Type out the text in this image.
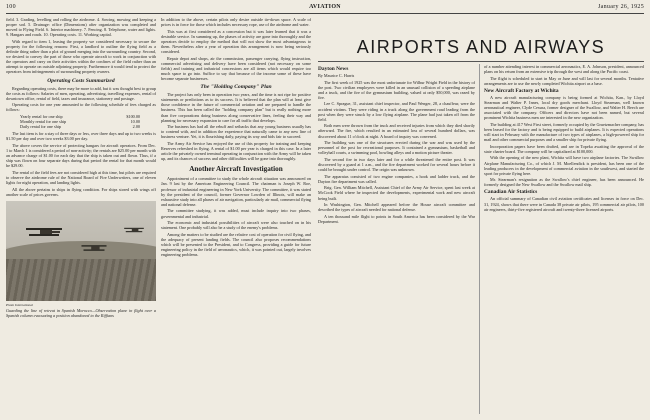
100	AVIATION	January 26, 1925

field. 3. Grading, levelling and rolling the airdrome. 4. Sowing, mowing and keeping a proper sod. 5. Drainage: office (Dimensions) after organization was completed and moved to Flying Field. 6. Interior machinery. 7. Fencing. 8. Telephone, water and lights. 9. Hangars and roads. 10. Operating costs. 11. Working capital.

With regard to item 1, leasing the property we considered necessary to secure the property for the following reasons: First, a landlord to outline the flying field as a definite thing rather than a plot of ground merging into the surrounding country. Second, we desired to convey the part of those who operate aircraft to work in conjunction with the operators and carry on their activities within the confines of the field rather than an attempt to operate on outside adjoining property. Furthermore it would tend to protect the operators from infringements of surrounding property owners.

Operating Costs Summarized

Regarding operating costs, there may be more to add, but it was thought best to group the costs as follows: Salaries of men, operating, advertising, travelling expenses, rental of downtown office, rental of field, taxes and insurance, stationery and postage.

Operating costs for one year amounted to the following schedule of fees charged as follows:

Yearly rental for one ship	$100.00
Monthly rental for one ship	10.00
Daily rental for one ship	2.00

The last item is for a stay of three days or less, over three days and up to two weeks is $1.50 per day and over two weeks $3.00 per day.

The above covers the service of protecting hangars for aircraft operators. From Dec. 1 to March 1 is considered a period of non-activity; the rentals are $25.00 per month with an advance charge of $1.00 for each day that the ship is taken out and flown. Thus, if a ship was flown on four separate days during that period the rental for that month would be $29.00.

The rental of the field fees are not considered high at this time, but pilots are required to observe the airdrome rule of the National Board of Fire Underwriters, one of eleven lights for night operation, and landing lights.

All the above pertains to ships in flying condition. For ships stored with wings off another scale of prices governs.

Photo International
Guarding the line of retreat in Spanish Morocco—Observation plane in flight over a Spanish column evacuating a position abandoned to the Riffians

In addition to the above, certain pilots only desire outside tie-down space. A scale of prices is in force for those which includes necessary rope, use of the airdrome and water.

This was at first considered as a concession but it was later learned that it was a desirable service. In summing up, the phases of activity are gone into thoroughly and the operators decide to employ the method that will not show the most advantageous to them. Nevertheless after a year of operation this arrangement is now being seriously considered.

Repair depot and shops, air the commission, passenger carrying, flying instruction, commercial advertising and delivery have been considered (not necessary on some fields) and training and industrial concessions are all items which would require too much space to go into. Suffice to say that because of the income some of these have become separate businesses.

The "Holding Company" Plan

The project has only been in operation two years, and the time is not ripe for positive statements or predictions as to its success. It is believed that the plan will at least give those confidence in the future of commercial aviation and are prepared to handle the business. This has been called the "holding company plan" but is really nothing more than five corporations doing business along conservative lines, feeling their way and planning for necessary expansion to care for all traffic that develops.

The business has had all the rebuff and setbacks that any young business usually has to contend with, and in addition the experience that naturally came to any new line of business venture. Yet, it is flourishing daily, paying its way and bids fair to succeed.

The Army Air Service has enjoyed the use of this property for training and keeping Reserves refreshed in flying. A rental of $1.00 per year is charged in this case. In a later article the privately owned terminal operating in conjunction with the Army will be taken up, and its chances of success and other difficulties will be gone into thoroughly.

Another Aircraft Investigation

Appointment of a committee to study the whole aircraft situation was announced on Jan. 9 last by the American Engineering Council. The chairman is Joseph W. Roe, professor of industrial engineering in New York University. The committee, it was stated by the president of the council, former Governor Lowden of Illinois, will make an exhaustive study into all phases of air navigation, particularly air mail, commercial flying and national defense.

The committee studying, it was added, must include inquiry into two phases, governmental and industrial.

The economic and industrial possibilities of aircraft were also touched on in his statement. One probably will also be a study of the enemy's problems.

Among the matters to be studied are the relative cost of operation for civil flying, and the adequacy of present landing fields. The council also proposes recommendations which will be presented to the President, and to Congress, providing a guide for future engineering policy in the field of aeronautics, which, it was pointed out, largely involves engineering problems.

AIRPORTS AND AIRWAYS
Dayton News

By Maurice C. Harris

The first week of 1925 was the most unfortunate for Wilbur Wright Field in the history of the post. Two civilian employees were killed in an unusual collision of a speeding airplane and a truck, and the fire of the gymnasium building, valued at only $50,000, was razed by fire.

Lee C. Sprague, 31, assistant chief inspector, and Paul Wenger, 28, a chauffeur, were the accident victims. They were riding in a truck along the government road leading from the post when they were struck by a low flying airplane. The plane had just taken off from the field.

Both men were thrown from the truck and received injuries from which they died shortly afterward. The fire, which resulted in an estimated loss of several hundred dollars, was discovered about 11 o'clock at night. A board of inquiry was convened.

The building was one of the structures erected during the war and was used by the personnel of the post for recreational purposes. It contained a gymnasium, basketball and volleyball courts, a swimming pool, bowling alleys and a motion picture theater.

The second fire in two days later and for a while threatened the entire post. It was discovered by a guard at 1 a.m., and the fire department worked for several hours before it could be brought under control. The origin was unknown.

The apparatus consisted of two engine companies, a hook and ladder truck, and the Dayton fire department was called.

Brig. Gen. William Mitchell, Assistant Chief of the Army Air Service, spent last week at McCook Field where he inspected the developments, experimental work and new aircraft being built.

In Washington, Gen. Mitchell appeared before the House aircraft committee and described the types of aircraft needed for national defense.

A ten thousand mile flight to points in South America has been considered by the War Department.

of a number attending interest in commercial aeronautics, E. A. Johnson, president, announced plans on his return from an extensive trip through the west and along the Pacific coast.

The flight is scheduled to start in May or June and will last for several months. Tentative arrangements are to use the newly completed Wichita airport as a base.

New Aircraft Factory at Wichita

A new aircraft manufacturing company is being formed at Wichita, Kan., by Lloyd Stearman and Walter P. Innes, local dry goods merchant. Lloyd Stearman, well known aeronautical engineer, Clyde Cessna, former designer of the Swallow, and Walter H. Beech are associated with the company. Officers and directors have not been named, but several prominent Wichita business men are interested in the new organization.

The building at 417 West First street, formerly occupied by the Gruetzmacher company, has been leased for the factory and is being equipped to build airplanes. It is expected operations will start in February with the manufacture of two types of airplanes, a high-powered ship for mail and other commercial purposes and a smaller ship for private flying.

Incorporation papers have been drafted, and are in Topeka awaiting the approval of the state charter board. The company will be capitalized at $100,000.

With the opening of the new plant, Wichita will have two airplane factories. The Swallow Airplane Manufacturing Co., of which J. M. Moellendick is president, has been one of the leading producers in the development of commercial aviation in the southwest, and started the sport for private flying here.

Mr. Stearman's resignation as the Swallow's chief engineer, has been announced. He formerly designed the New Swallow and the Swallow mail ship.

Canadian Air Statistics

An official summary of Canadian civil aviation certificates and licenses in force on Dec. 31, 1924, shows that there were in Canada 38 private air pilots, 195 commercial air pilots, 100 air engineers, thirty-five registered aircraft and twenty-three licensed airports.
